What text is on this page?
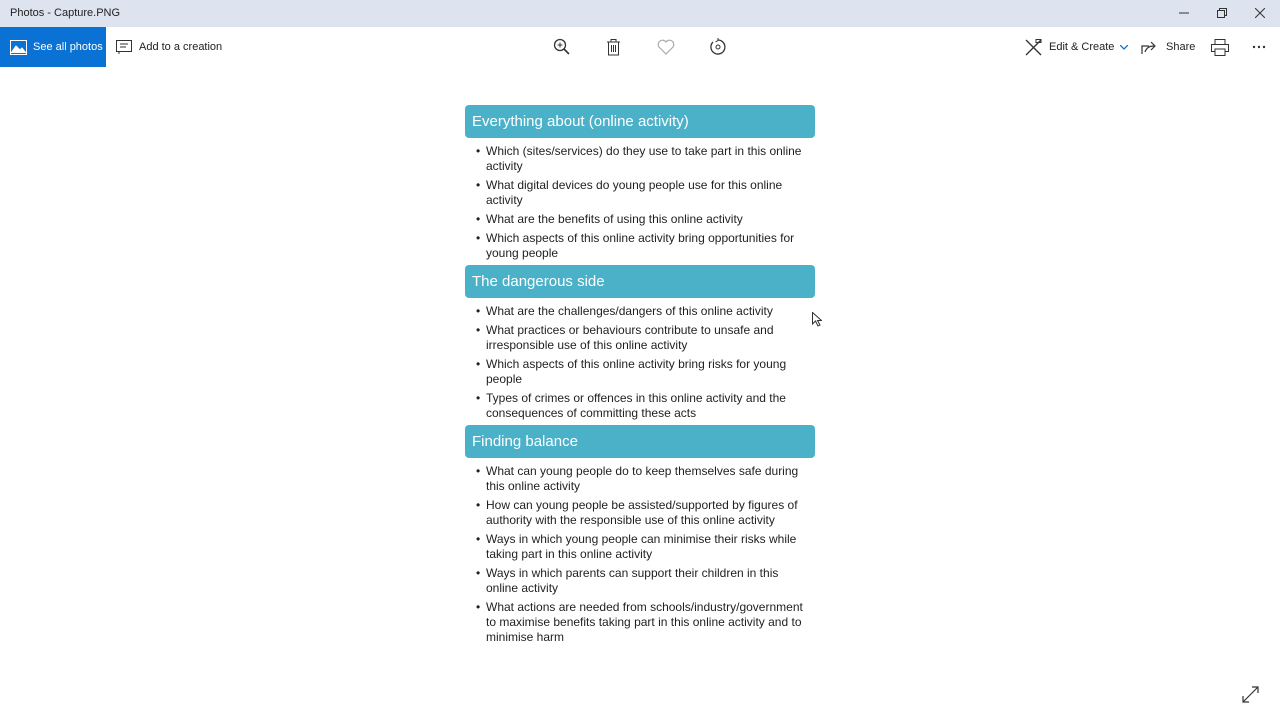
Photos - Capture.PNG
See all photos	Add to a creation	Edit & Create	Share
Everything about (online activity)
• Which (sites/services) do they use to take part in this online activity
• What digital devices do young people use for this online activity
• What are the benefits of using this online activity
• Which aspects of this online activity bring opportunities for young people
The dangerous side
• What are the challenges/dangers of this online activity
• What practices or behaviours contribute to unsafe and irresponsible use of this online activity
• Which aspects of this online activity bring risks for young people
• Types of crimes or offences in this online activity and the consequences of committing these acts
Finding balance
• What can young people do to keep themselves safe during this online activity
• How can young people be assisted/supported by figures of authority with the responsible use of this online activity
• Ways in which young people can minimise their risks while taking part in this online activity
• Ways in which parents can support their children in this online activity
• What actions are needed from schools/industry/government to maximise benefits taking part in this online activity and to minimise harm
